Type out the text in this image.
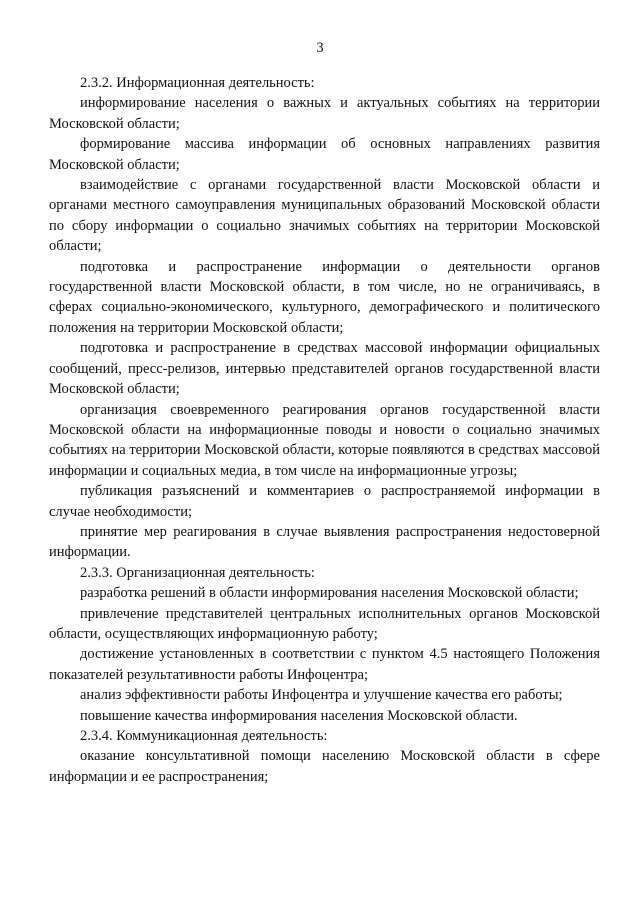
3

2.3.2. Информационная деятельность:

информирование населения о важных и актуальных событиях на территории Московской области;

формирование массива информации об основных направлениях развития Московской области;

взаимодействие с органами государственной власти Московской области и органами местного самоуправления муниципальных образований Московской области по сбору информации о социально значимых событиях на территории Московской области;

подготовка и распространение информации о деятельности органов государственной власти Московской области, в том числе, но не ограничиваясь, в сферах социально-экономического, культурного, демографического и политического положения на территории Московской области;

подготовка и распространение в средствах массовой информации официальных сообщений, пресс-релизов, интервью представителей органов государственной власти Московской области;

организация своевременного реагирования органов государственной власти Московской области на информационные поводы и новости о социально значимых событиях на территории Московской области, которые появляются в средствах массовой информации и социальных медиа, в том числе на информационные угрозы;

публикация разъяснений и комментариев о распространяемой информации в случае необходимости;

принятие мер реагирования в случае выявления распространения недостоверной информации.

2.3.3. Организационная деятельность:

разработка решений в области информирования населения Московской области;

привлечение представителей центральных исполнительных органов Московской области, осуществляющих информационную работу;

достижение установленных в соответствии с пунктом 4.5 настоящего Положения показателей результативности работы Инфоцентра;

анализ эффективности работы Инфоцентра и улучшение качества его работы;

повышение качества информирования населения Московской области.

2.3.4. Коммуникационная деятельность:

оказание консультативной помощи населению Московской области в сфере информации и ее распространения;
